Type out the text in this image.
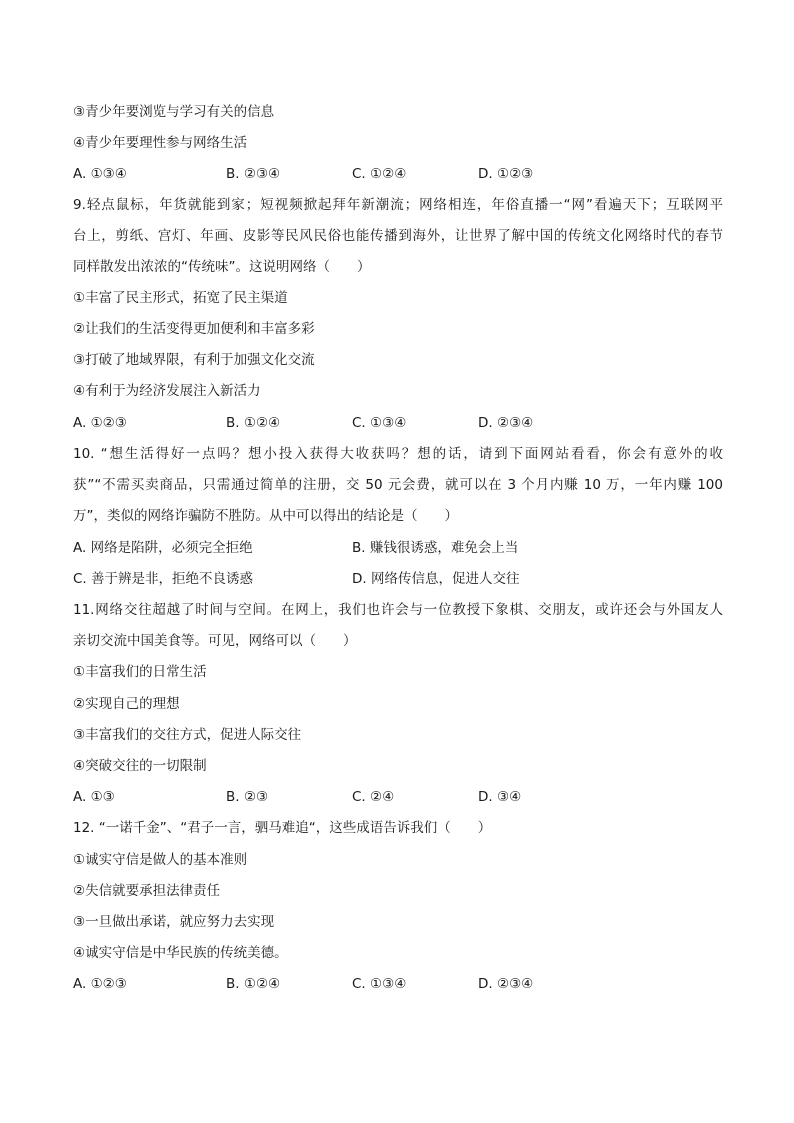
③青少年要浏览与学习有关的信息
④青少年要理性参与网络生活
A. ①③④	B. ②③④	C. ①②④	D. ①②③
9.轻点鼠标，年货就能到家；短视频掀起拜年新潮流；网络相连，年俗直播一“网”看遍天下；互联网平
台上，剪纸、宫灯、年画、皮影等民风民俗也能传播到海外，让世界了解中国的传统文化网络时代的春节
同样散发出浓浓的“传统味”。这说明网络（　　）
①丰富了民主形式，拓宽了民主渠道
②让我们的生活变得更加便利和丰富多彩
③打破了地域界限，有利于加强文化交流
④有利于为经济发展注入新活力
A. ①②③	B. ①②④	C. ①③④	D. ②③④
10. “想生活得好一点吗？想小投入获得大收获吗？想的话，请到下面网站看看，你会有意外的收
获”“不需买卖商品，只需通过简单的注册，交 50 元会费，就可以在 3 个月内赚 10 万，一年内赚 100
万”，类似的网络诈骗防不胜防。从中可以得出的结论是（　　）
A. 网络是陷阱，必须完全拒绝	B. 赚钱很诱惑，难免会上当
C. 善于辨是非，拒绝不良诱惑	D. 网络传信息，促进人交往
11.网络交往超越了时间与空间。在网上，我们也许会与一位教授下象棋、交朋友，或许还会与外国友人
亲切交流中国美食等。可见，网络可以（　　）
①丰富我们的日常生活
②实现自己的理想
③丰富我们的交往方式，促进人际交往
④突破交往的一切限制
A. ①③	B. ②③	C. ②④	D. ③④
12. “一诺千金”、“君子一言，驷马难追“，这些成语告诉我们（　　）
①诚实守信是做人的基本准则
②失信就要承担法律责任
③一旦做出承诺，就应努力去实现
④诚实守信是中华民族的传统美德。
A. ①②③	B. ①②④	C. ①③④	D. ②③④
